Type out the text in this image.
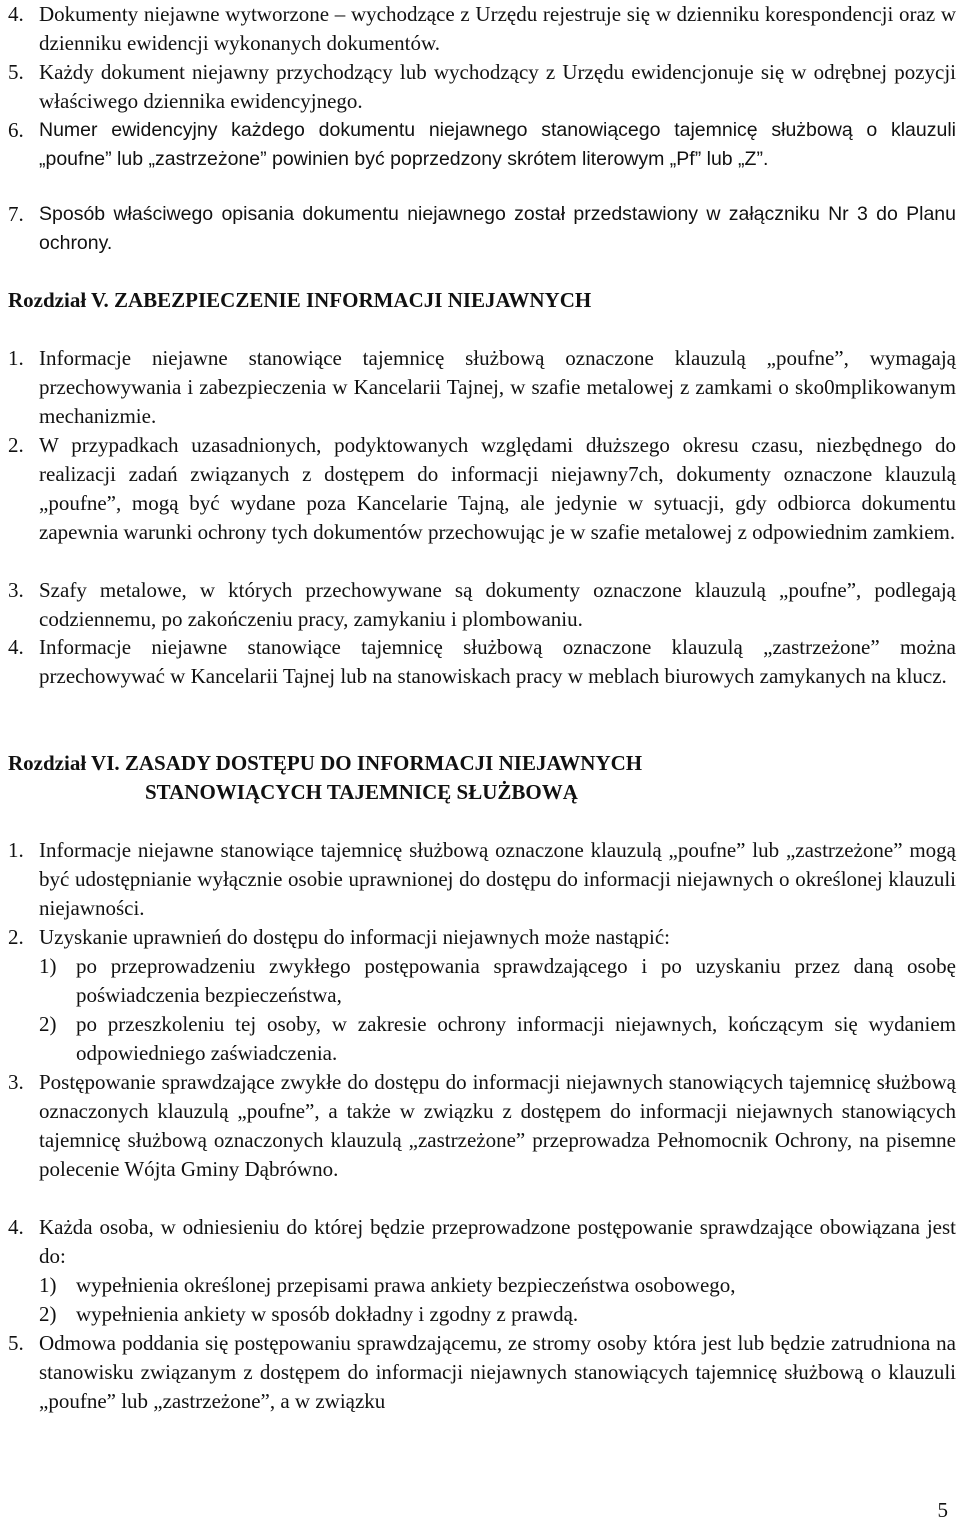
4. Dokumenty niejawne wytworzone – wychodzące z Urzędu rejestruje się w dzienniku korespondencji oraz w dzienniku ewidencji wykonanych dokumentów.
5. Każdy dokument niejawny przychodzący lub wychodzący z Urzędu ewidencjonuje się w odrębnej pozycji właściwego dziennika ewidencyjnego.
6. Numer ewidencyjny każdego dokumentu niejawnego stanowiącego tajemnicę służbową o klauzuli „poufne” lub „zastrzeżone” powinien być poprzedzony skrótem literowym „Pf” lub „Z”.
7. Sposób właściwego opisania dokumentu niejawnego został przedstawiony w załączniku Nr 3 do Planu ochrony.
Rozdział V. ZABEZPIECZENIE INFORMACJI NIEJAWNYCH
1. Informacje niejawne stanowiące tajemnicę służbową oznaczone klauzulą „poufne”, wymagają przechowywania i zabezpieczenia w Kancelarii Tajnej, w szafie metalowej z zamkami o sko0mplikowanym mechanizmie.
2. W przypadkach uzasadnionych, podyktowanych względami dłuższego okresu czasu, niezbędnego do realizacji zadań związanych z dostępem do informacji niejawny7ch, dokumenty oznaczone klauzulą „poufne”, mogą być wydane poza Kancelarie Tajną, ale jedynie w sytuacji, gdy odbiorca dokumentu zapewnia warunki ochrony tych dokumentów przechowując je w szafie metalowej z odpowiednim zamkiem.
3. Szafy metalowe, w których przechowywane są dokumenty oznaczone klauzulą „poufne”, podlegają codziennemu, po zakończeniu pracy, zamykaniu i plombowaniu.
4. Informacje niejawne stanowiące tajemnicę służbową oznaczone klauzulą „zastrzeżone” można przechowywać w Kancelarii Tajnej lub na stanowiskach pracy w meblach biurowych zamykanych na klucz.
Rozdział VI. ZASADY DOSTĘPU DO INFORMACJI NIEJAWNYCH
STANOWIĄCYCH TAJEMNICĘ SŁUŻBOWĄ
1. Informacje niejawne stanowiące tajemnicę służbową oznaczone klauzulą „poufne” lub „zastrzeżone” mogą być udostępnianie wyłącznie osobie uprawnionej do dostępu do informacji niejawnych o określonej klauzuli niejawności.
2. Uzyskanie uprawnień do dostępu do informacji niejawnych może nastąpić:
1) po przeprowadzeniu zwykłego postępowania sprawdzającego i po uzyskaniu przez daną osobę poświadczenia bezpieczeństwa,
2) po przeszkoleniu tej osoby, w zakresie ochrony informacji niejawnych, kończącym się wydaniem odpowiedniego zaświadczenia.
3. Postępowanie sprawdzające zwykłe do dostępu do informacji niejawnych stanowiących tajemnicę służbową oznaczonych klauzulą „poufne”, a także w związku z dostępem do informacji niejawnych stanowiących tajemnicę służbową oznaczonych klauzulą „zastrzeżone” przeprowadza Pełnomocnik Ochrony, na pisemne polecenie Wójta Gminy Dąbrówno.
4. Każda osoba, w odniesieniu do której będzie przeprowadzone postępowanie sprawdzające obowiązana jest do:
1) wypełnienia określonej przepisami prawa ankiety bezpieczeństwa osobowego,
2) wypełnienia ankiety w sposób dokładny i zgodny z prawdą.
5. Odmowa poddania się postępowaniu sprawdzającemu, ze stromy osoby która jest lub będzie zatrudniona na stanowisku związanym z dostępem do informacji niejawnych stanowiących tajemnicę służbową o klauzuli „poufne” lub „zastrzeżone”, a w związku
5
